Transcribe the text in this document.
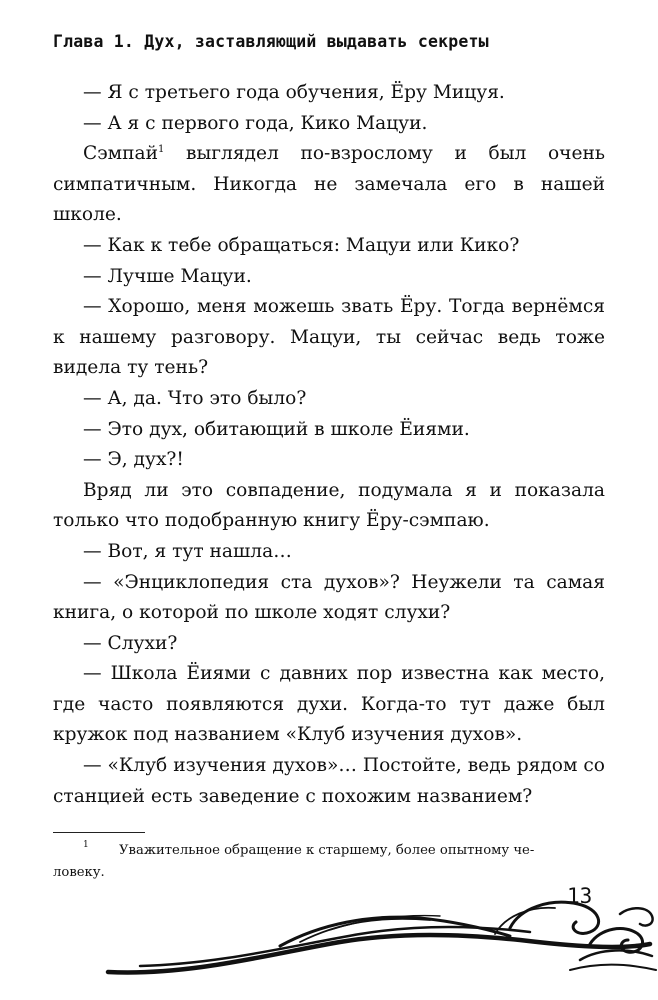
Глава 1. Дух, заставляющий выдавать секреты

— Я с третьего года обучения, Ёру Мицуя.

— А я с первого года, Кико Мацуи.

Сэмпай$^1$ выглядел по-взрослому и был очень симпатичным. Никогда не замечала его в нашей школе.

— Как к тебе обращаться: Мацуи или Кико?

— Лучше Мацуи.

— Хорошо, меня можешь звать Ёру. Тогда вернёмся к нашему разговору. Мацуи, ты сейчас ведь тоже видела ту тень?

— А, да. Что это было?

— Это дух, обитающий в школе Ёиями.

— Э, дух?!

Вряд ли это совпадение, подумала я и показала только что подобранную книгу Ёру-сэмпаю.

— Вот, я тут нашла…

— «Энциклопедия ста духов»? Неужели та самая книга, о которой по школе ходят слухи?

— Слухи?

— Школа Ёиями с давних пор известна как место, где часто появляются духи. Когда-то тут даже был кружок под названием «Клуб изучения духов».

— «Клуб изучения духов»… Постойте, ведь рядом со станцией есть заведение с похожим названием?

1	Уважительное обращение к старшему, более опытному че-

ловеку.

13
